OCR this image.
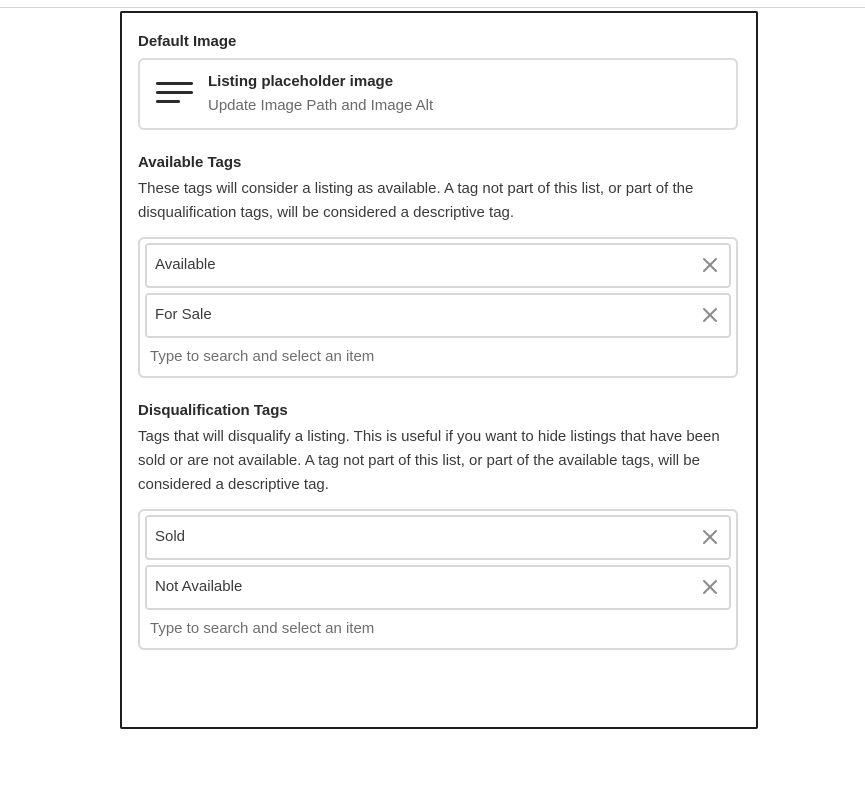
Default Image

Listing placeholder image
Update Image Path and Image Alt

Available Tags

These tags will consider a listing as available. A tag not part of this list, or part of the disqualification tags, will be considered a descriptive tag.

Available
For Sale
Type to search and select an item

Disqualification Tags

Tags that will disqualify a listing. This is useful if you want to hide listings that have been sold or are not available. A tag not part of this list, or part of the available tags, will be considered a descriptive tag.

Sold
Not Available
Type to search and select an item
